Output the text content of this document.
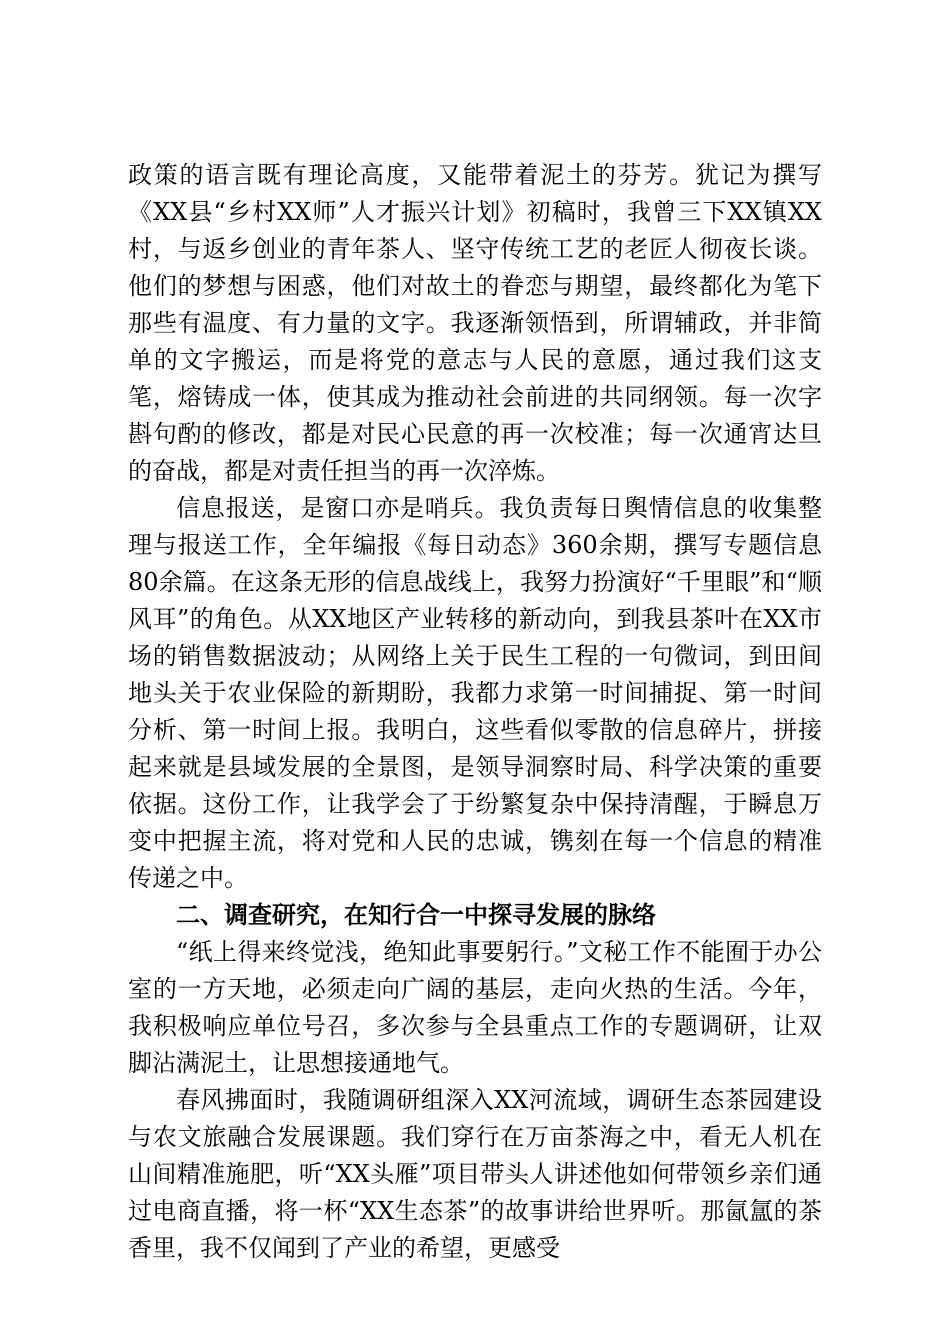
政策的语言既有理论高度，又能带着泥土的芬芳。犹记为撰写《XX县“乡村XX师”人才振兴计划》初稿时，我曾三下XX镇XX村，与返乡创业的青年茶人、坚守传统工艺的老匠人彻夜长谈。他们的梦想与困惑，他们对故土的眷恋与期望，最终都化为笔下那些有温度、有力量的文字。我逐渐领悟到，所谓辅政，并非简单的文字搬运，而是将党的意志与人民的意愿，通过我们这支笔，熔铸成一体，使其成为推动社会前进的共同纲领。每一次字斟句酌的修改，都是对民心民意的再一次校准；每一次通宵达旦的奋战，都是对责任担当的再一次淬炼。

信息报送，是窗口亦是哨兵。我负责每日舆情信息的收集整理与报送工作，全年编报《每日动态》360余期，撰写专题信息80余篇。在这条无形的信息战线上，我努力扮演好“千里眼”和“顺风耳”的角色。从XX地区产业转移的新动向，到我县茶叶在XX市场的销售数据波动；从网络上关于民生工程的一句微词，到田间地头关于农业保险的新期盼，我都力求第一时间捕捉、第一时间分析、第一时间上报。我明白，这些看似零散的信息碎片，拼接起来就是县域发展的全景图，是领导洞察时局、科学决策的重要依据。这份工作，让我学会了于纷繁复杂中保持清醒，于瞬息万变中把握主流，将对党和人民的忠诚，镌刻在每一个信息的精准传递之中。

二、调查研究，在知行合一中探寻发展的脉络

“纸上得来终觉浅，绝知此事要躬行。”文秘工作不能囿于办公室的一方天地，必须走向广阔的基层，走向火热的生活。今年，我积极响应单位号召，多次参与全县重点工作的专题调研，让双脚沾满泥土，让思想接通地气。

春风拂面时，我随调研组深入XX河流域，调研生态茶园建设与农文旅融合发展课题。我们穿行在万亩茶海之中，看无人机在山间精准施肥，听“XX头雁”项目带头人讲述他如何带领乡亲们通过电商直播，将一杯“XX生态茶”的故事讲给世界听。那氤氲的茶香里，我不仅闻到了产业的希望，更感受
